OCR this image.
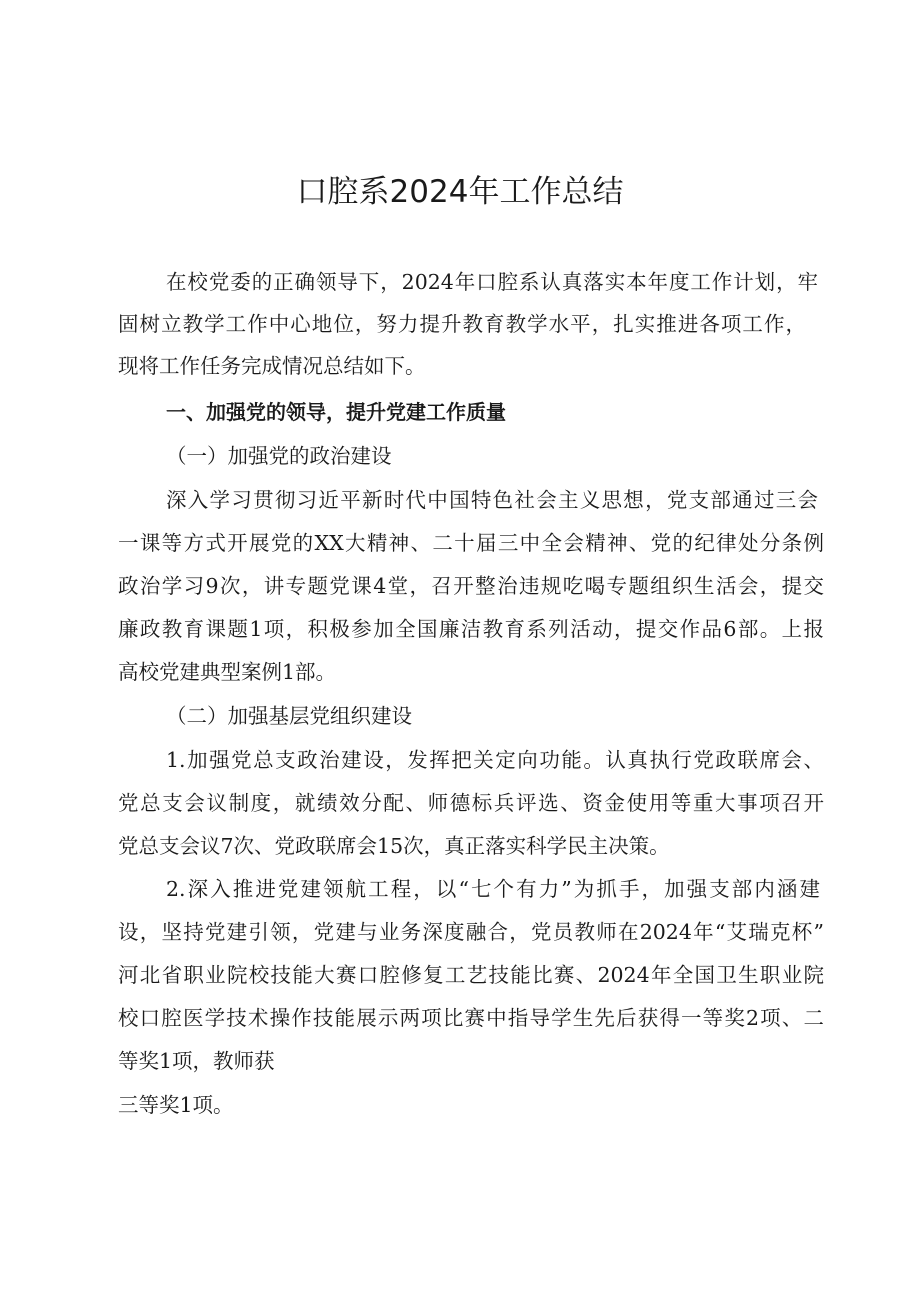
口腔系2024年工作总结
在校党委的正确领导下，2024年口腔系认真落实本年度工作计划，牢
固树立教学工作中心地位，努力提升教育教学水平，扎实推进各项工作，
现将工作任务完成情况总结如下。
一、加强党的领导，提升党建工作质量
（一）加强党的政治建设
深入学习贯彻习近平新时代中国特色社会主义思想，党支部通过三会
一课等方式开展党的XX大精神、二十届三中全会精神、党的纪律处分条例
政治学习9次，讲专题党课4堂，召开整治违规吃喝专题组织生活会，提交
廉政教育课题1项，积极参加全国廉洁教育系列活动，提交作品6部。上报
高校党建典型案例1部。
（二）加强基层党组织建设
1.加强党总支政治建设，发挥把关定向功能。认真执行党政联席会、
党总支会议制度，就绩效分配、师德标兵评选、资金使用等重大事项召开
党总支会议7次、党政联席会15次，真正落实科学民主决策。
2.深入推进党建领航工程，以“七个有力”为抓手，加强支部内涵建
设，坚持党建引领，党建与业务深度融合，党员教师在2024年“艾瑞克杯”
河北省职业院校技能大赛口腔修复工艺技能比赛、2024年全国卫生职业院
校口腔医学技术操作技能展示两项比赛中指导学生先后获得一等奖2项、二
等奖1项，教师获
三等奖1项。
